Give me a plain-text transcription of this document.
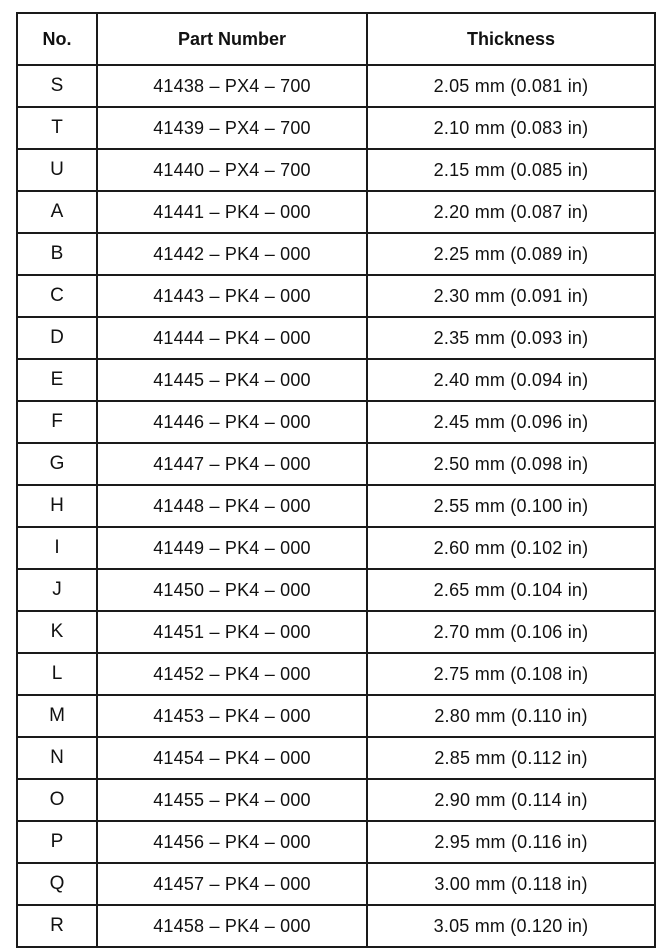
No.	Part Number	Thickness
S	41438 – PX4 – 700	2.05 mm (0.081 in)
T	41439 – PX4 – 700	2.10 mm (0.083 in)
U	41440 – PX4 – 700	2.15 mm (0.085 in)
A	41441 – PK4 – 000	2.20 mm (0.087 in)
B	41442 – PK4 – 000	2.25 mm (0.089 in)
C	41443 – PK4 – 000	2.30 mm (0.091 in)
D	41444 – PK4 – 000	2.35 mm (0.093 in)
E	41445 – PK4 – 000	2.40 mm (0.094 in)
F	41446 – PK4 – 000	2.45 mm (0.096 in)
G	41447 – PK4 – 000	2.50 mm (0.098 in)
H	41448 – PK4 – 000	2.55 mm (0.100 in)
I	41449 – PK4 – 000	2.60 mm (0.102 in)
J	41450 – PK4 – 000	2.65 mm (0.104 in)
K	41451 – PK4 – 000	2.70 mm (0.106 in)
L	41452 – PK4 – 000	2.75 mm (0.108 in)
M	41453 – PK4 – 000	2.80 mm (0.110 in)
N	41454 – PK4 – 000	2.85 mm (0.112 in)
O	41455 – PK4 – 000	2.90 mm (0.114 in)
P	41456 – PK4 – 000	2.95 mm (0.116 in)
Q	41457 – PK4 – 000	3.00 mm (0.118 in)
R	41458 – PK4 – 000	3.05 mm (0.120 in)
